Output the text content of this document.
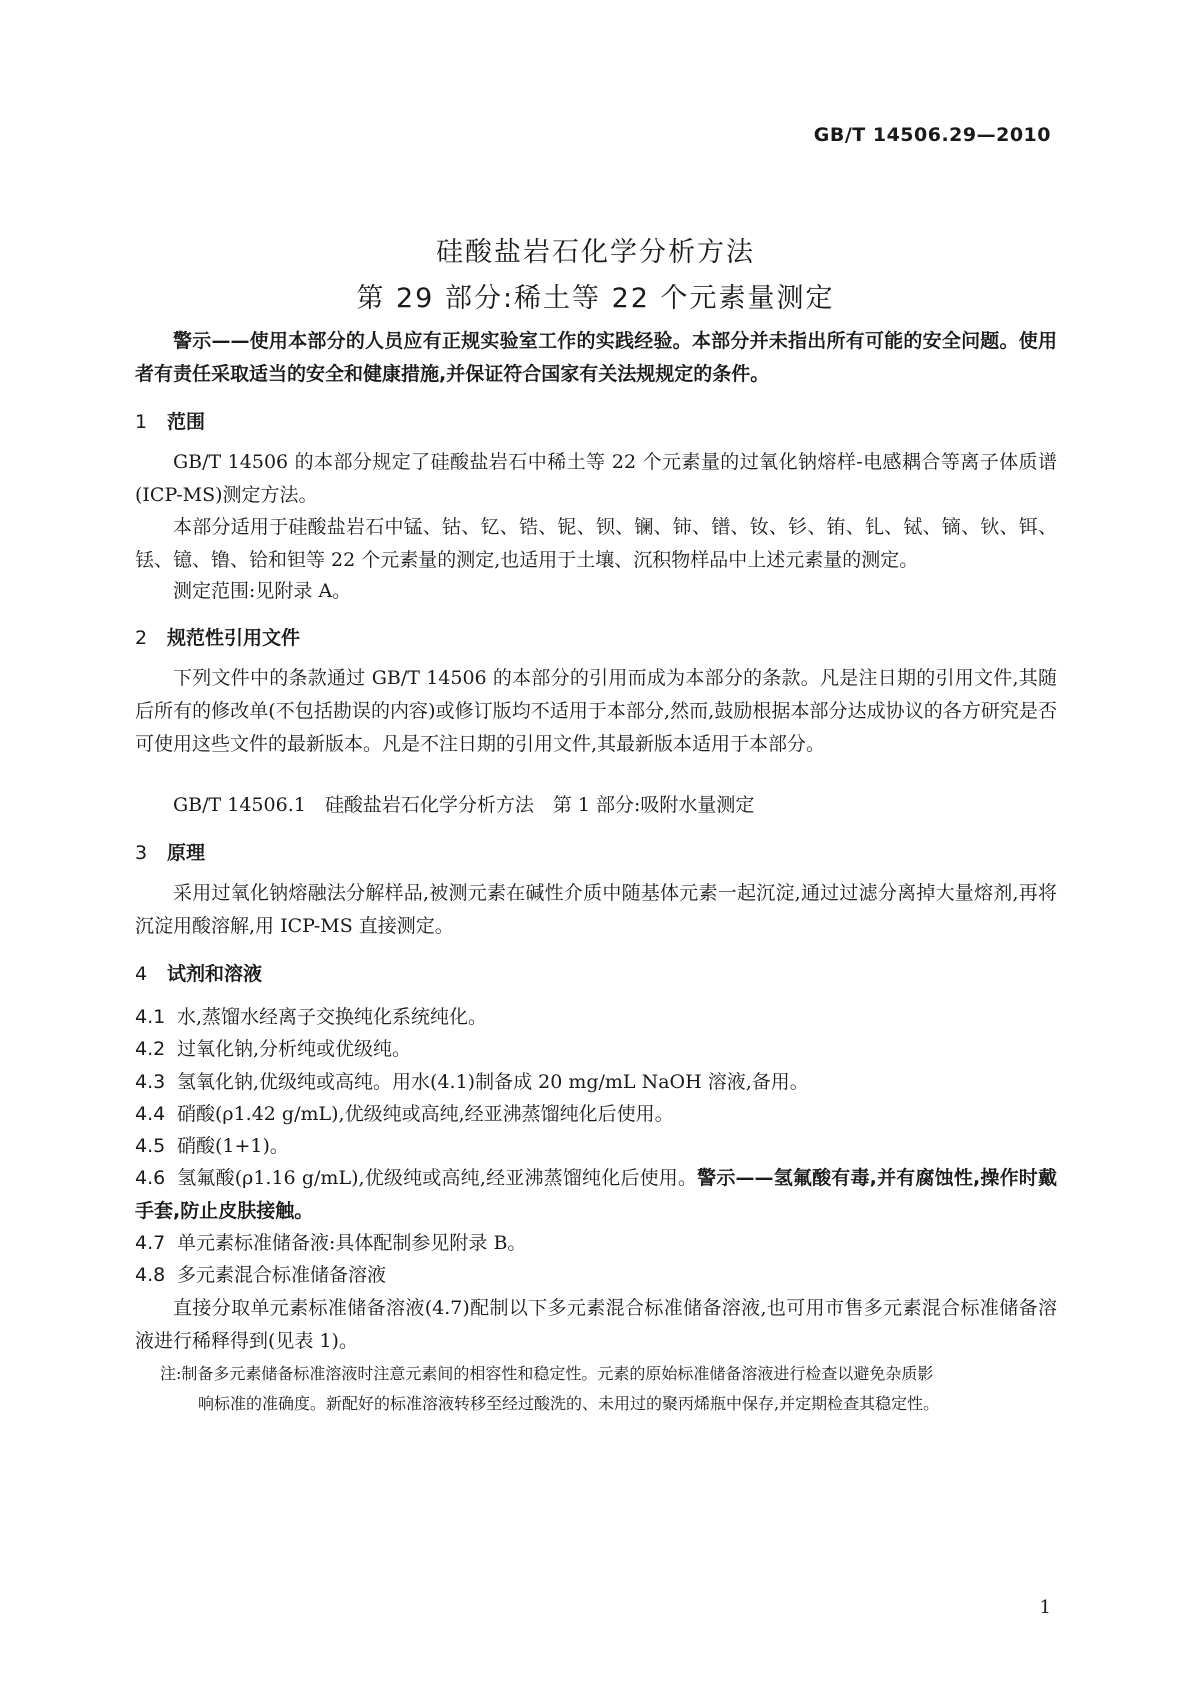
GB/T 14506.29—2010
硅酸盐岩石化学分析方法
第 29 部分:稀土等 22 个元素量测定
警示——使用本部分的人员应有正规实验室工作的实践经验。本部分并未指出所有可能的安全问题。使用者有责任采取适当的安全和健康措施,并保证符合国家有关法规规定的条件。
1 范围
GB/T 14506 的本部分规定了硅酸盐岩石中稀土等 22 个元素量的过氧化钠熔样-电感耦合等离子体质谱(ICP-MS)测定方法。
本部分适用于硅酸盐岩石中锰、钴、钇、锆、铌、钡、镧、铈、镨、钕、钐、铕、钆、铽、镝、钬、铒、铥、镱、镥、铪和钽等 22 个元素量的测定,也适用于土壤、沉积物样品中上述元素量的测定。
测定范围:见附录 A。
2 规范性引用文件
下列文件中的条款通过 GB/T 14506 的本部分的引用而成为本部分的条款。凡是注日期的引用文件,其随后所有的修改单(不包括勘误的内容)或修订版均不适用于本部分,然而,鼓励根据本部分达成协议的各方研究是否可使用这些文件的最新版本。凡是不注日期的引用文件,其最新版本适用于本部分。
GB/T 14506.1　硅酸盐岩石化学分析方法　第 1 部分:吸附水量测定
3 原理
采用过氧化钠熔融法分解样品,被测元素在碱性介质中随基体元素一起沉淀,通过过滤分离掉大量熔剂,再将沉淀用酸溶解,用 ICP-MS 直接测定。
4 试剂和溶液
4.1 水,蒸馏水经离子交换纯化系统纯化。
4.2 过氧化钠,分析纯或优级纯。
4.3 氢氧化钠,优级纯或高纯。用水(4.1)制备成 20 mg/mL NaOH 溶液,备用。
4.4 硝酸(ρ1.42 g/mL),优级纯或高纯,经亚沸蒸馏纯化后使用。
4.5 硝酸(1+1)。
4.6 氢氟酸(ρ1.16 g/mL),优级纯或高纯,经亚沸蒸馏纯化后使用。警示——氢氟酸有毒,并有腐蚀性,操作时戴手套,防止皮肤接触。
4.7 单元素标准储备液:具体配制参见附录 B。
4.8 多元素混合标准储备溶液
直接分取单元素标准储备溶液(4.7)配制以下多元素混合标准储备溶液,也可用市售多元素混合标准储备溶液进行稀释得到(见表 1)。
注:制备多元素储备标准溶液时注意元素间的相容性和稳定性。元素的原始标准储备溶液进行检查以避免杂质影
响标准的准确度。新配好的标准溶液转移至经过酸洗的、未用过的聚丙烯瓶中保存,并定期检查其稳定性。
1
